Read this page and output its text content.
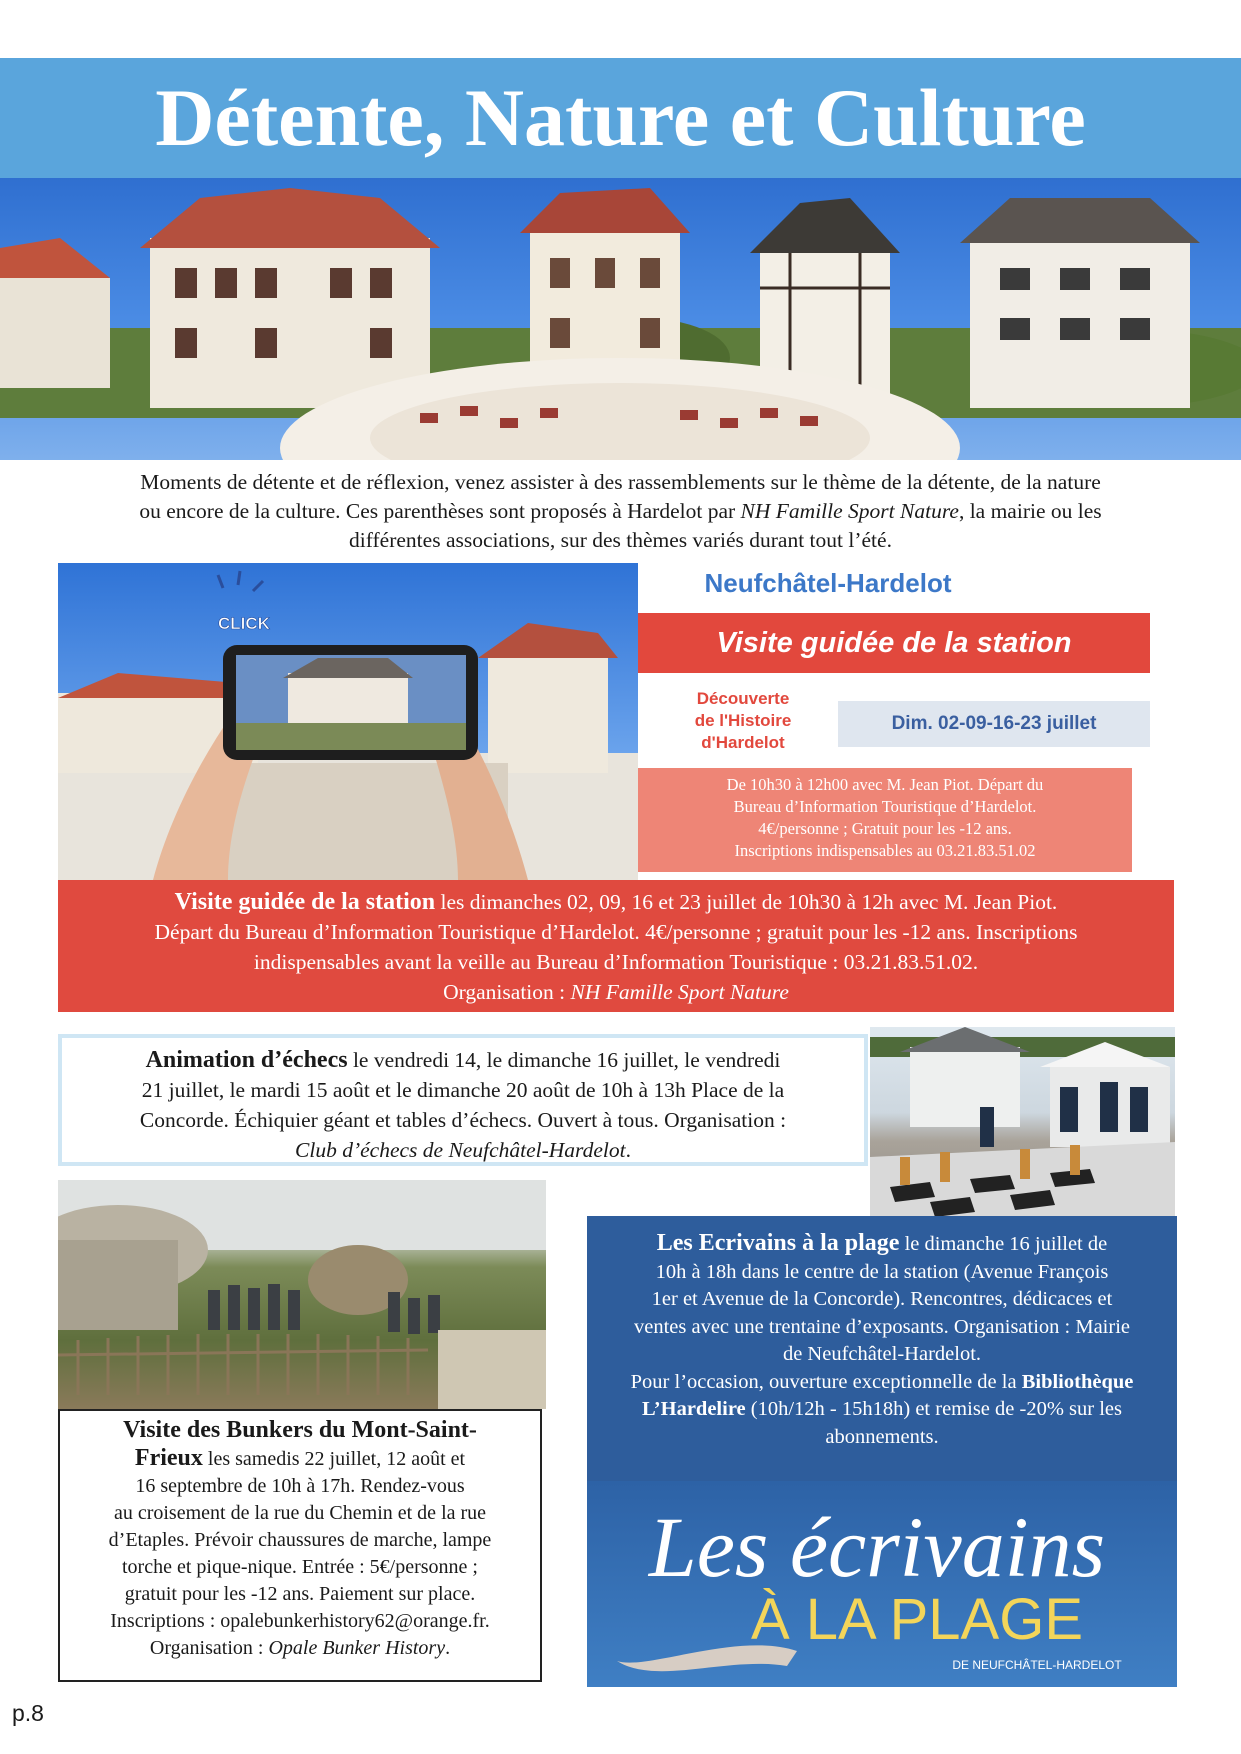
Détente, Nature et Culture
Moments de détente et de réflexion, venez assister à des rassemblements sur le thème de la détente, de la nature
ou encore de la culture. Ces parenthèses sont proposés à Hardelot par NH Famille Sport Nature, la mairie ou les
différentes associations, sur des thèmes variés durant tout l’été.
CLICK
Neufchâtel-Hardelot
Visite guidée de la station
Découverte
de l'Histoire
d'Hardelot
Dim. 02-09-16-23 juillet
De 10h30 à 12h00 avec M. Jean Piot. Départ du
Bureau d’Information Touristique d’Hardelot.
4€/personne ; Gratuit pour les -12 ans.
Inscriptions indispensables au 03.21.83.51.02
Visite guidée de la station les dimanches 02, 09, 16 et 23 juillet de 10h30 à 12h avec M. Jean Piot.
Départ du Bureau d’Information Touristique d’Hardelot. 4€/personne ; gratuit pour les -12 ans. Inscriptions
indispensables avant la veille au Bureau d’Information Touristique : 03.21.83.51.02.
Organisation : NH Famille Sport Nature
Animation d’échecs le vendredi 14, le dimanche 16 juillet, le vendredi
21 juillet, le mardi 15 août et le dimanche 20 août de 10h à 13h Place de la
Concorde. Échiquier géant et tables d’échecs. Ouvert à tous. Organisation :
Club d’échecs de Neufchâtel-Hardelot.
Visite des Bunkers du Mont-Saint-
Frieux les samedis 22 juillet, 12 août et
16 septembre de 10h à 17h. Rendez-vous
au croisement de la rue du Chemin et de la rue
d’Etaples. Prévoir chaussures de marche, lampe
torche et pique-nique. Entrée : 5€/personne ;
gratuit pour les -12 ans. Paiement sur place.
Inscriptions : opalebunkerhistory62@orange.fr.
Organisation : Opale Bunker History.
Les Ecrivains à la plage le dimanche 16 juillet de
10h à 18h dans le centre de la station (Avenue François
1er et Avenue de la Concorde). Rencontres, dédicaces et
ventes avec une trentaine d’exposants. Organisation : Mairie
de Neufchâtel-Hardelot.
Pour l’occasion, ouverture exceptionnelle de la Bibliothèque
L’Hardelire (10h/12h - 15h18h) et remise de -20% sur les
abonnements.
Les écrivains
À LA PLAGE
DE NEUFCHÂTEL-HARDELOT
p.8
